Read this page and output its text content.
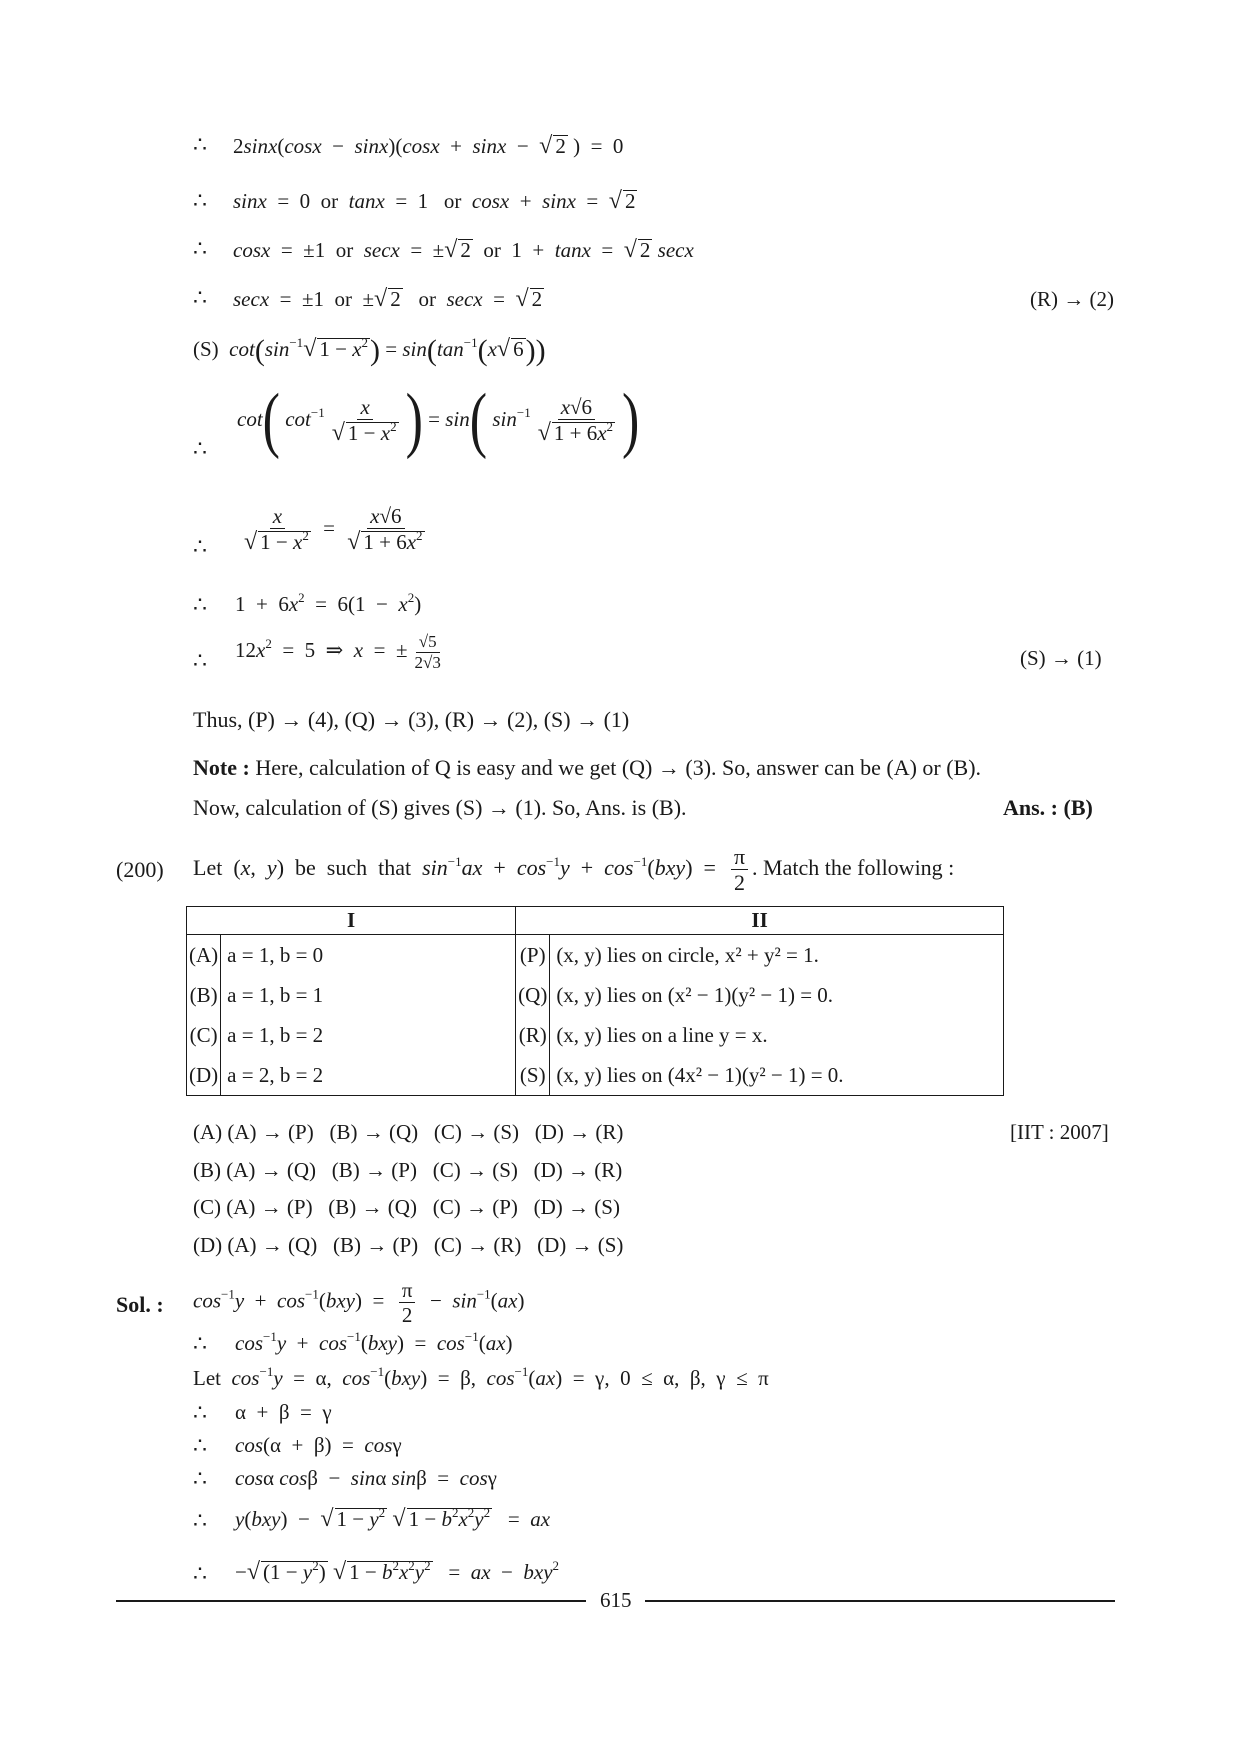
∴ 2sinx(cosx  −  sinx)(cosx  +  sinx  −  √ 2 )  =  0
∴ sinx  =  0  or  tanx  =  1   or  cosx  +  sinx  =  √ 2
∴ cosx  =  ±1  or  secx  =  ±√ 2  or  1  +  tanx  =  √ 2 secx
∴ secx  =  ±1  or  ±√ 2   or  secx  =  √ 2	(R) → (2)
(S)  $\cot(\sin^{-1}√$ $1 - x^2) = \sin(\tan^{-1}(x√$ 6))
∴
cot( $\cot^{-1} \frac{x}{√ 1 - x^2}$ ) = sin( $\sin^{-1} \frac{x√6}{√ 1 + 6x^2}$ )
∴ $\frac{x}{√ 1 - x^2} = \frac{x√6}{√ 1 + 6x^2}$
∴ $1 + 6x^2 = 6(1 - x^2)$
∴ $12x^2 = 5$  ⇒  x  =  ± $\frac{√5}{2√3}$	(S) → (1)
Thus, (P) → (4), (Q) → (3), (R) → (2), (S) → (1)
Note : Here, calculation of Q is easy and we get (Q) → (3). So, answer can be (A) or (B).
Now, calculation of (S) gives (S) → (1). So, Ans. is (B).	Ans. : (B)
(200) Let  (x,  y)  be  such  that  $\sin^{-1}ax + \cos^{-1}y + \cos^{-1}(bxy) = \frac{\pi}{2}$ . Match the following :
I		II	
(A)	a = 1, b = 0	(P)	(x, y) lies on circle, x² + y² = 1.
(B)	a = 1, b = 1	(Q)	(x, y) lies on (x² − 1)(y² − 1) = 0.
(C)	a = 1, b = 2	(R)	(x, y) lies on a line y = x.
(D)	a = 2, b = 2	(S)	(x, y) lies on (4x² − 1)(y² − 1) = 0.
(A) (A) → (P)   (B) → (Q)   (C) → (S)   (D) → (R)	[IIT : 2007]
(B) (A) → (Q)   (B) → (P)   (C) → (S)   (D) → (R)
(C) (A) → (P)   (B) → (Q)   (C) → (P)   (D) → (S)
(D) (A) → (Q)   (B) → (P)   (C) → (R)   (D) → (S)
Sol. : $\cos^{-1}y + \cos^{-1}(bxy) = \frac{\pi}{2} - \sin^{-1}(ax)$
∴ $\cos^{-1}y + \cos^{-1}(bxy) = \cos^{-1}(ax)$
Let  $\cos^{-1}y = \alpha$,  $\cos^{-1}(bxy) = \beta$,  $\cos^{-1}(ax) = \gamma$,  0  ≤  α,  β,  γ  ≤  π
∴ α  +  β  =  γ
∴ cos(α  +  β)  =  cosγ
∴ cosα cosβ  −  sinα sinβ  =  cosγ
∴ y(bxy)  −  √ $1 - y^2$ √ $1 - b^2x^2y^2$   =  ax
∴ −√ $(1 - y^2)$ √ $1 - b^2x^2y^2$   =  ax  −  bxy$^2$
615
